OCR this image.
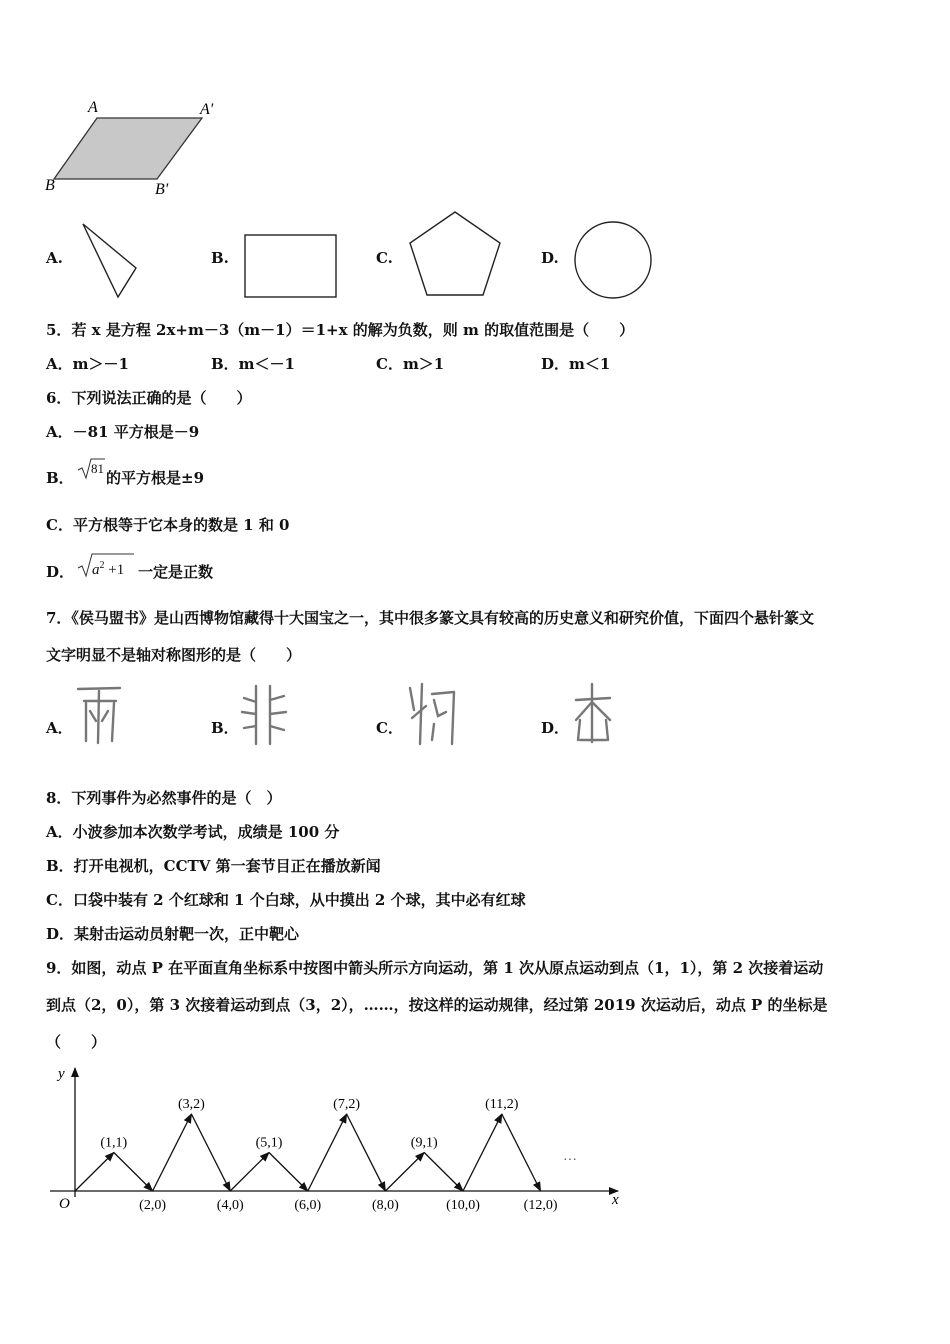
A	A'
B	B'
A.	B.	C.	D.
5．若 x 是方程 2x+m－3（m－1）＝1+x 的解为负数，则 m 的取值范围是（　　）
A．m＞－1	B．m＜－1	C．m＞1	D．m＜1
6．下列说法正确的是（　　）
A．－81 平方根是－9
B．
81
的平方根是±9
C．平方根等于它本身的数是 1 和 0
D． $a^2 +1$ 一定是正数
7．《侯马盟书》是山西博物馆藏得十大国宝之一，其中很多篆文具有较高的历史意义和研究价值，下面四个悬针篆文
文字明显不是轴对称图形的是（　　）
A．	B．	C．	D．
8．下列事件为必然事件的是（　）
A．小波参加本次数学考试，成绩是 100 分
B．打开电视机，CCTV 第一套节目正在播放新闻
C．口袋中装有 2 个红球和 1 个白球，从中摸出 2 个球，其中必有红球
D．某射击运动员射靶一次，正中靶心
9．如图，动点 P 在平面直角坐标系中按图中箭头所示方向运动，第 1 次从原点运动到点（1，1），第 2 次接着运动
到点（2，0），第 3 次接着运动到点（3，2），……，按这样的运动规律，经过第 2019 次运动后，动点 P 的坐标是
（　　）
x
y
O
…
(1,1)
(2,0)
(3,2)
(4,0)
(5,1)
(6,0)
(7,2)
(8,0)
(9,1)
(10,0)
(11,2)
(12,0)
